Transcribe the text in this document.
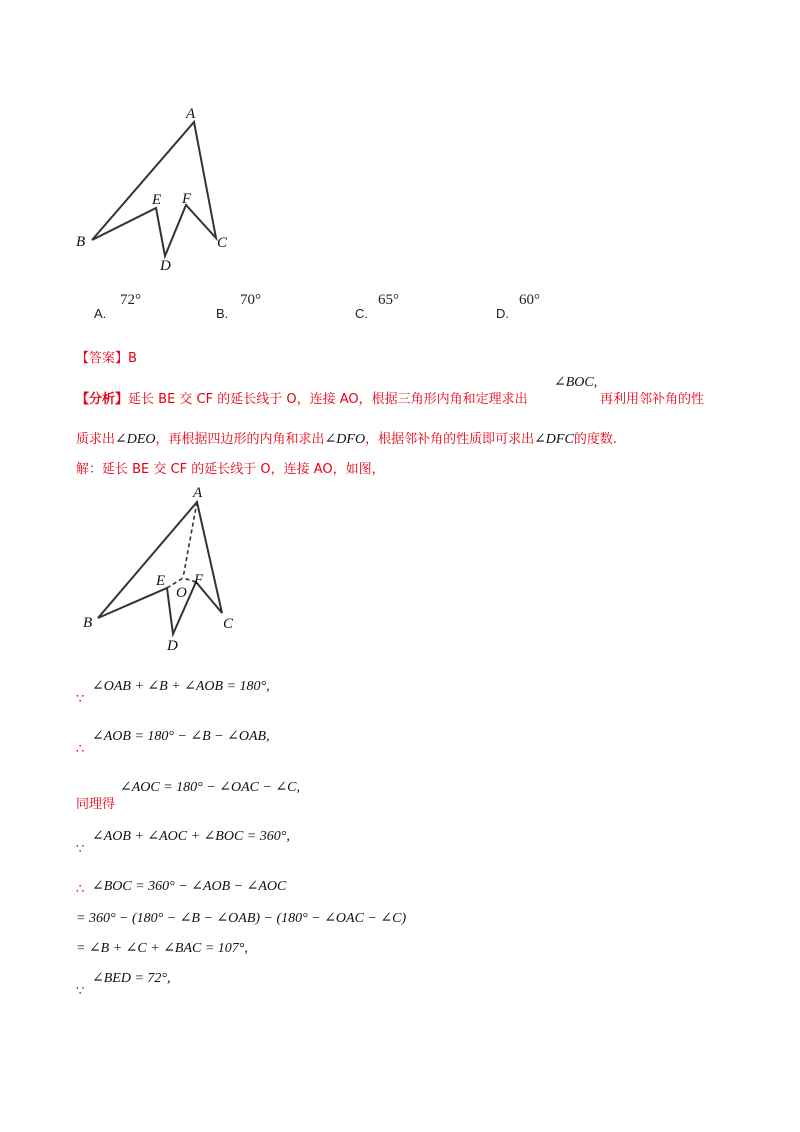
A
B	C
D
E F
A.
72°
B.
70°
C.
65°
D.
60°
【答案】B
【分析】延长 BE 交 CF 的延长线于 O，连接 AO，根据三角形内角和定理求出
∠BOC,
再利用邻补角的性
质求出∠DEO，再根据四边形的内角和求出∠DFO，根据邻补角的性质即可求出∠DFC的度数.
解：延长 BE 交 CF 的延长线于 O，连接 AO，如图，
A
B	C
D
E F
O
∵
∠OAB + ∠B + ∠AOB = 180°,
∴
∠AOB = 180° − ∠B − ∠OAB,
同理得
∠AOC = 180° − ∠OAC − ∠C,
∵
∠AOB + ∠AOC + ∠BOC = 360°,
∴ ∠BOC = 360° − ∠AOB − ∠AOC
= 360° − (180° − ∠B − ∠OAB) − (180° − ∠OAC − ∠C)
= ∠B + ∠C + ∠BAC = 107°,
∵
∠BED = 72°,
